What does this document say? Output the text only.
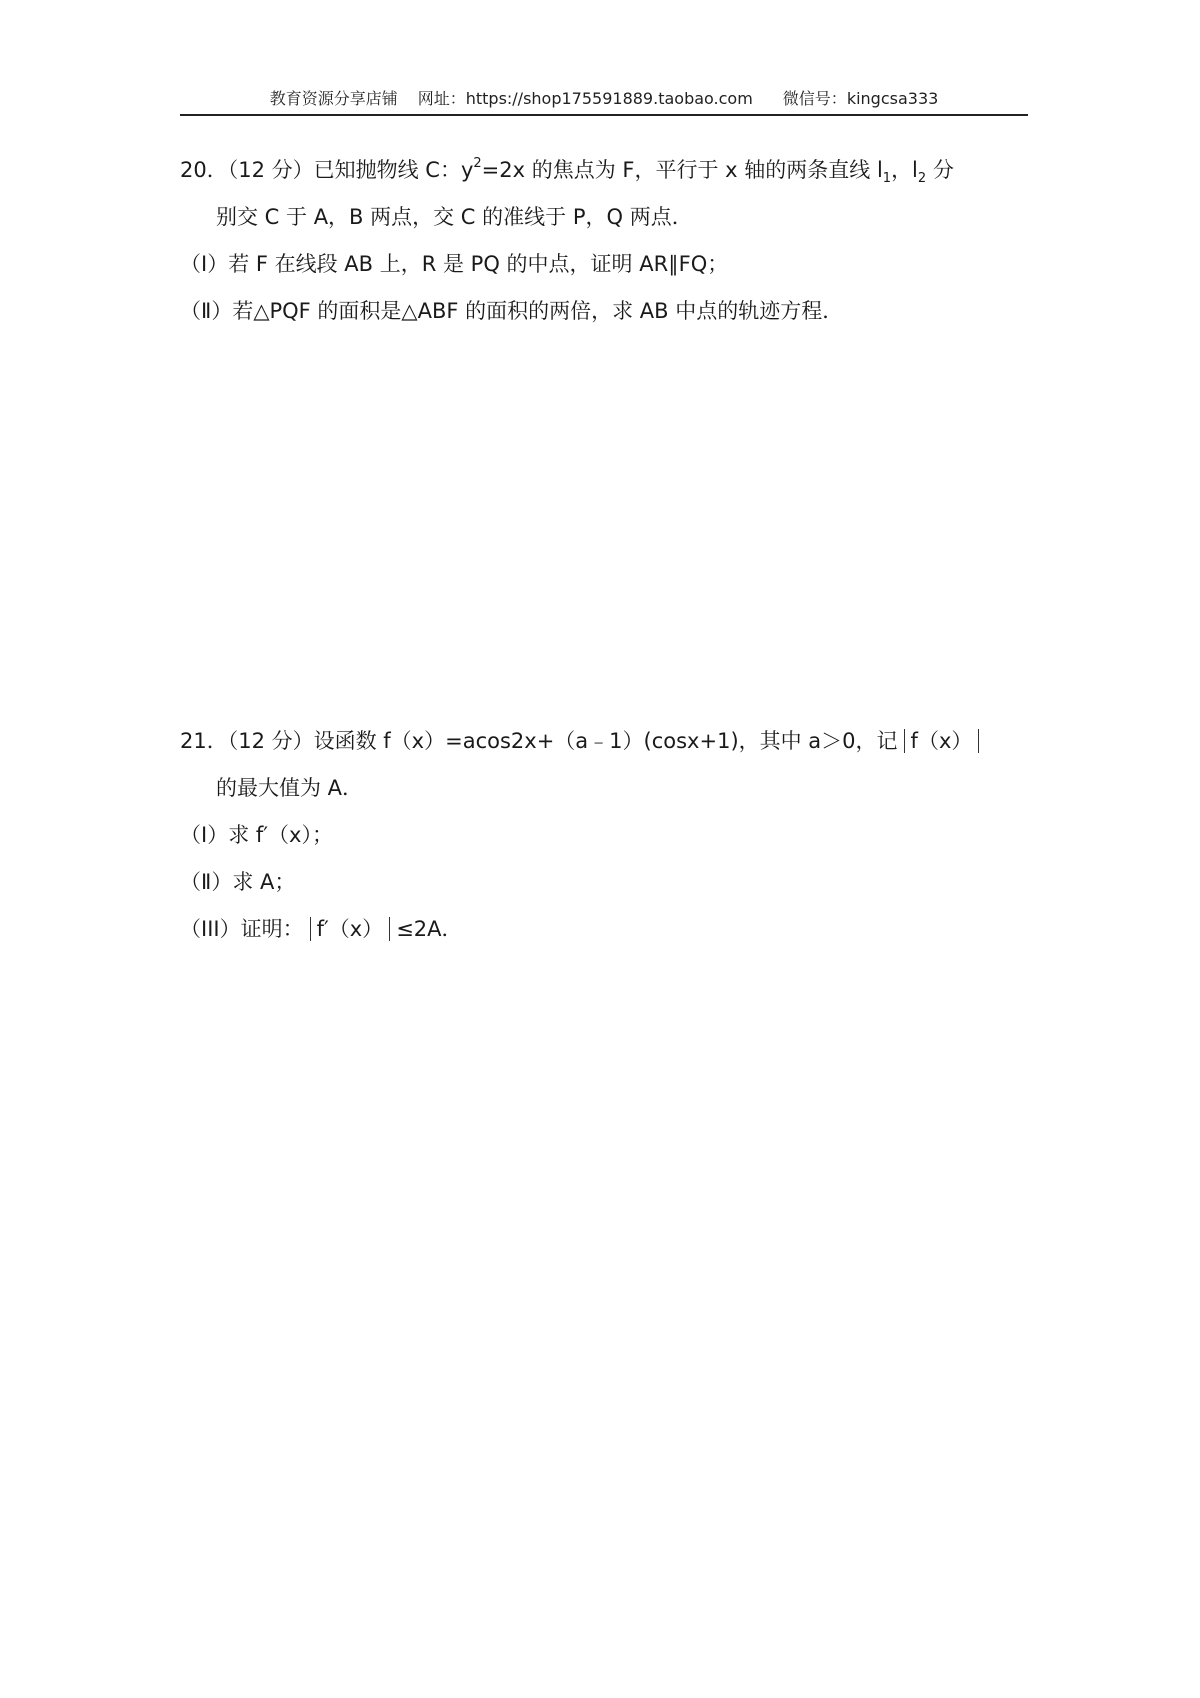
教育资源分享店铺 网址：https://shop175591889.taobao.com 微信号：kingcsa333
20．（12 分）已知抛物线 C：$y^2=2x$ 的焦点为 F，平行于 x 轴的两条直线 $l_1$，$l_2$ 分
别交 C 于 A，B 两点，交 C 的准线于 P，Q 两点．
（Ⅰ）若 F 在线段 AB 上，R 是 PQ 的中点，证明 AR∥FQ；
（Ⅱ）若△PQF 的面积是△ABF 的面积的两倍，求 AB 中点的轨迹方程．
21．（12 分）设函数 f（x）=acos2x+（a﹣1）(cosx+1)，其中 a＞0，记 f（x）
的最大值为 A．
（Ⅰ）求 f′（x）；
（Ⅱ）求 A；
（III）证明： f′（x） ≤2A．
